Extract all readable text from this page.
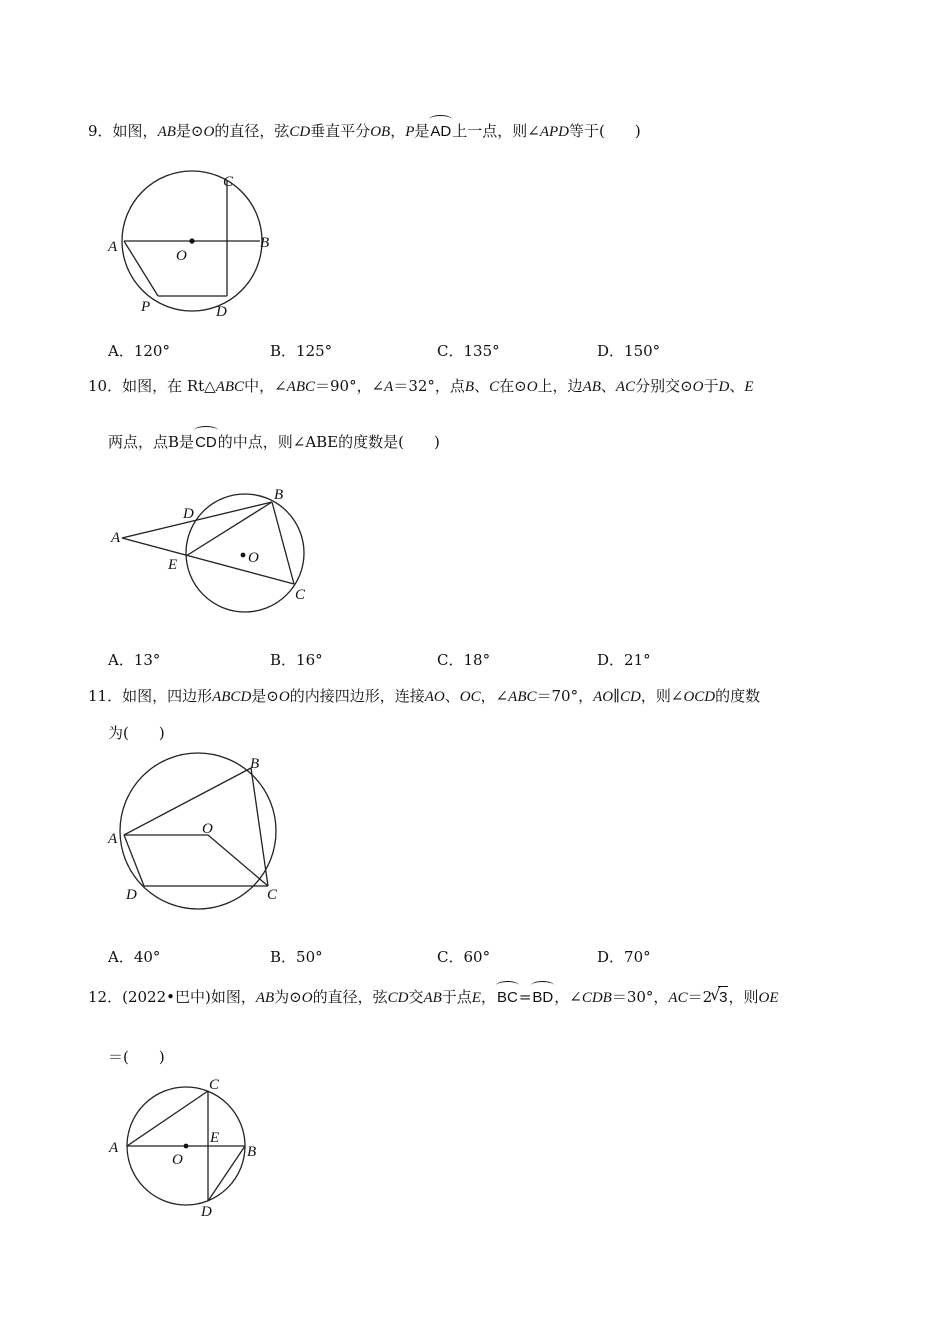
9．如图，AB是⊙O的直径，弦CD垂直平分OB，P是AD上一点，则∠APD等于(　　)
A	B
C
D
O
P
A．120°	B．125°	C．135°	D．150°
10．如图，在 Rt△ABC中，∠ABC＝90°，∠A＝32°，点B、C在⊙O上，边AB、AC分别交⊙O于D、E
两点，点B是CD的中点，则∠ABE的度数是(　　)
A
B
C
D
E	O
A．13°	B．16°	C．18°	D．21°
11．如图，四边形ABCD是⊙O的内接四边形，连接AO、OC，∠ABC＝70°，AO∥CD，则∠OCD的度数
为(　　)
A
B
C
D
O
A．40°	B．50°	C．60°	D．70°
12．(2022•巴中)如图，AB为⊙O的直径，弦CD交AB于点E，BC=BD，∠CDB＝30°，AC＝2
√
3，则OE
＝(　　)
A	B
C
D
E
O
